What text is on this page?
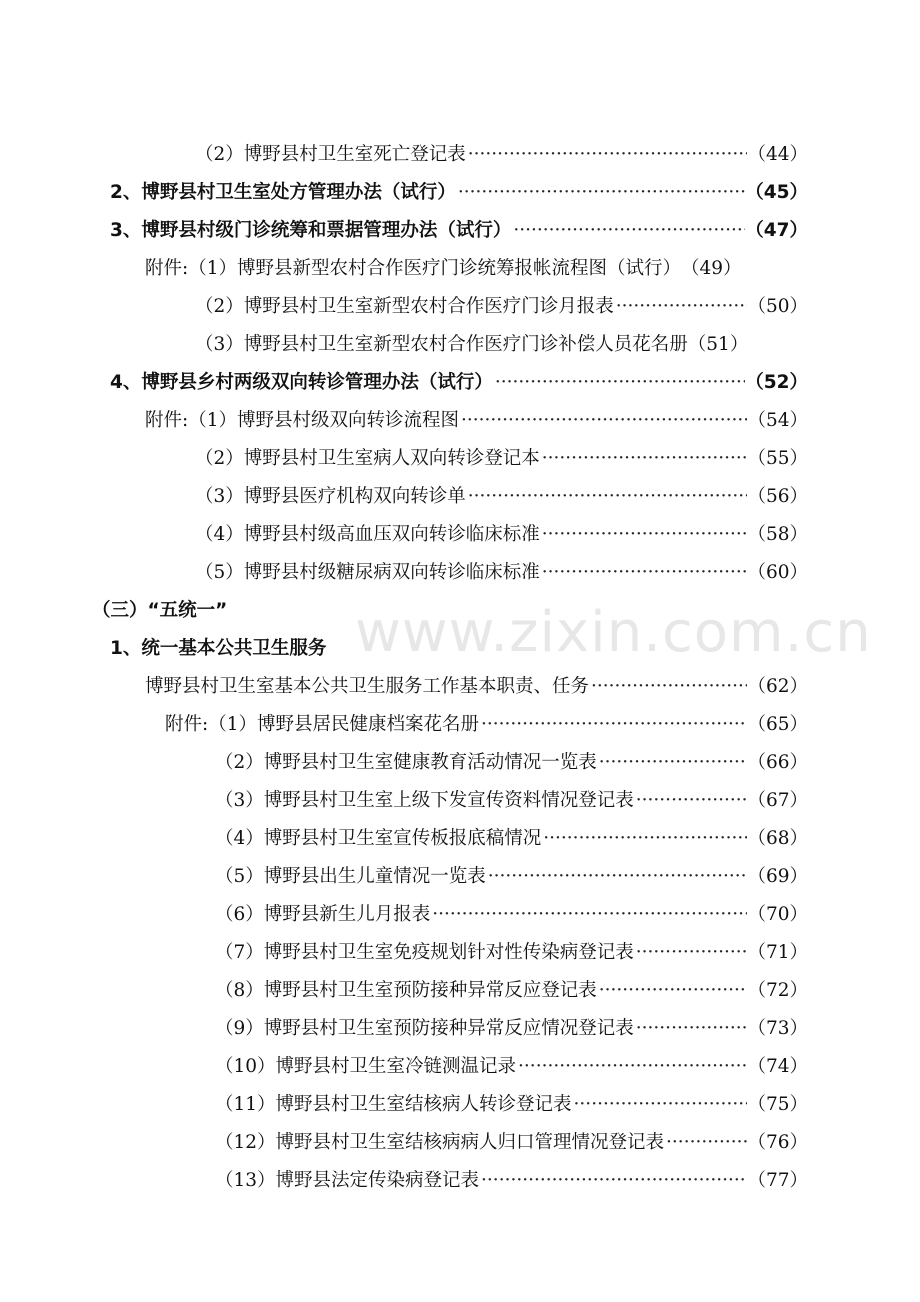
（2）博野县村卫生室死亡登记表 ·····	（44）
2、博野县村卫生室处方管理办法（试行） ·····	（45）
3、博野县村级门诊统筹和票据管理办法（试行） ·····	（47）
附件:（1）博野县新型农村合作医疗门诊统筹报帐流程图（试行） （49）
（2）博野县村卫生室新型农村合作医疗门诊月报表 ·····	（50）
（3）博野县村卫生室新型农村合作医疗门诊补偿人员花名册 （51）
4、博野县乡村两级双向转诊管理办法（试行） ·····	（52）
附件:（1）博野县村级双向转诊流程图 ·····	（54）
（2）博野县村卫生室病人双向转诊登记本 ·····	（55）
（3）博野县医疗机构双向转诊单 ·····	（56）
（4）博野县村级高血压双向转诊临床标准 ·····	（58）
（5）博野县村级糖尿病双向转诊临床标准 ·····	（60）
（三）“五统一”
1、统一基本公共卫生服务
博野县村卫生室基本公共卫生服务工作基本职责、任务 ·····	（62）
附件:（1）博野县居民健康档案花名册 ·····	（65）
（2）博野县村卫生室健康教育活动情况一览表 ·····	（66）
（3）博野县村卫生室上级下发宣传资料情况登记表 ·····	（67）
（4）博野县村卫生室宣传板报底稿情况 ·····	（68）
（5）博野县出生儿童情况一览表 ·····	（69）
（6）博野县新生儿月报表 ·····	（70）
（7）博野县村卫生室免疫规划针对性传染病登记表 ·····	（71）
（8）博野县村卫生室预防接种异常反应登记表 ·····	（72）
（9）博野县村卫生室预防接种异常反应情况登记表 ·····	（73）
（10）博野县村卫生室冷链测温记录 ·····	（74）
（11）博野县村卫生室结核病人转诊登记表 ·····	（75）
（12）博野县村卫生室结核病病人归口管理情况登记表 ·····	（76）
（13）博野县法定传染病登记表 ·····	（77）
www.zixin.com.cn
